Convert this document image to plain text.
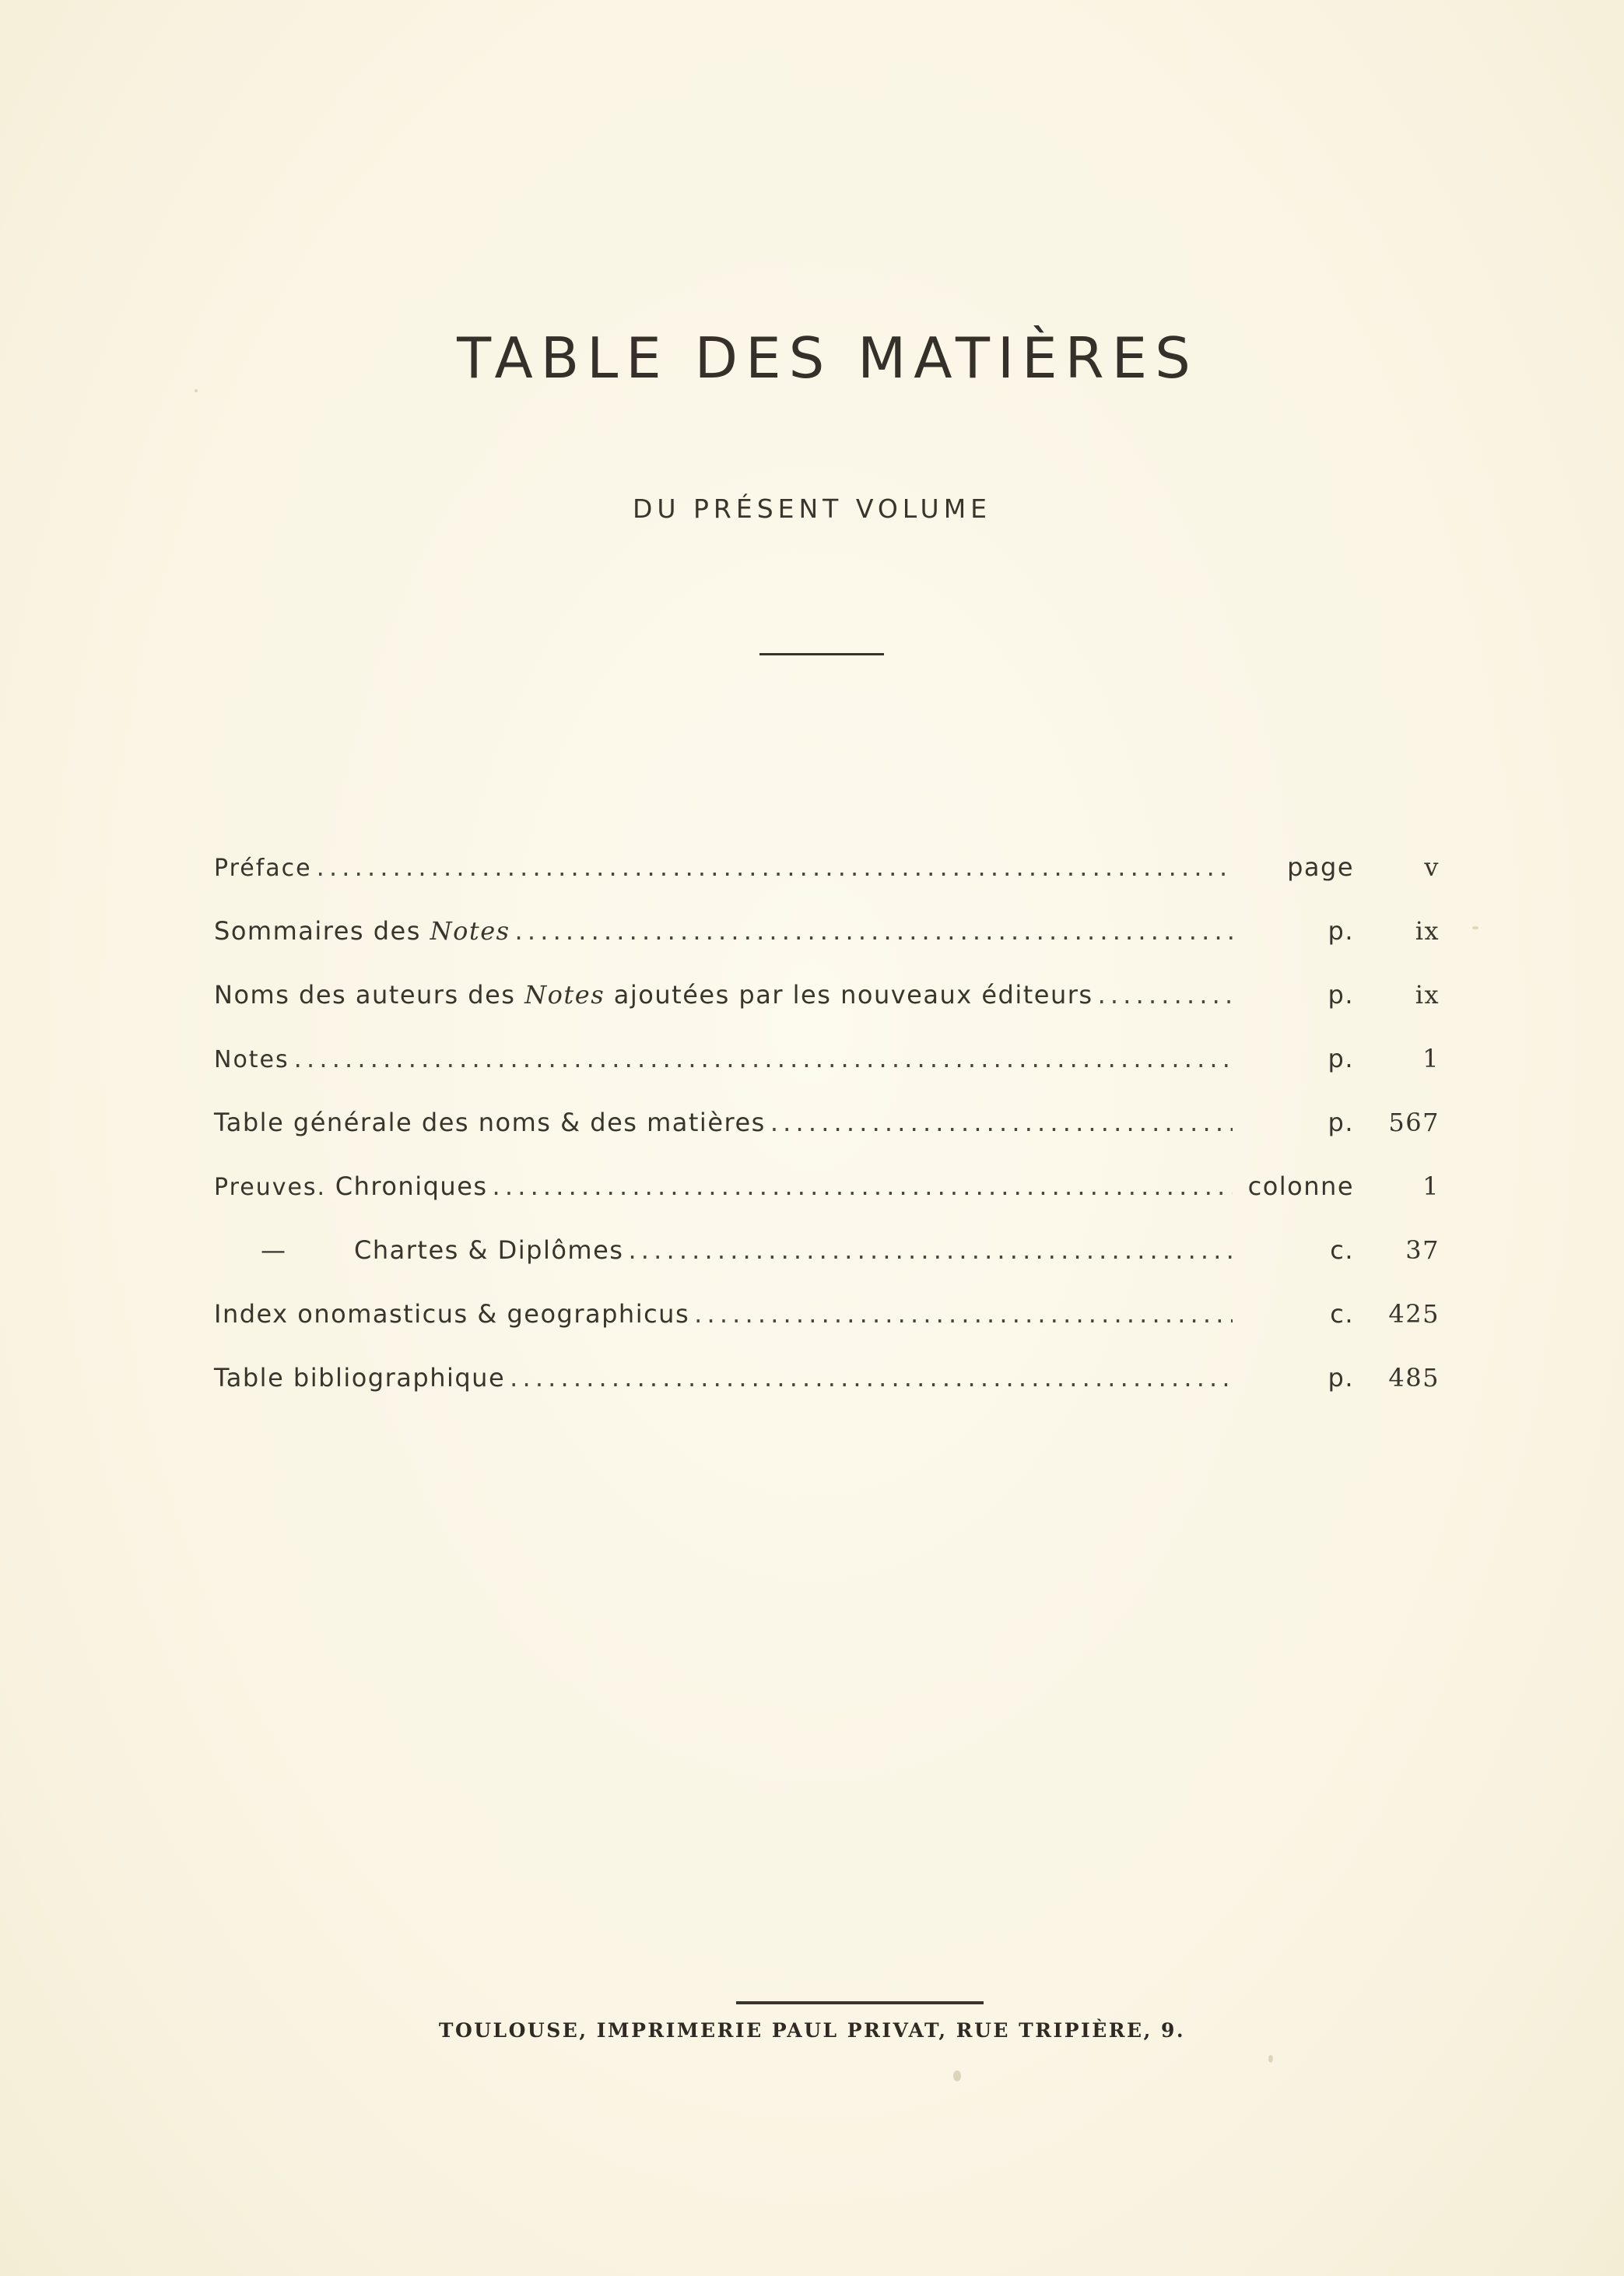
TABLE DES MATIÈRES
DU PRÉSENT VOLUME
Préface . . .	page	v
Sommaires des Notes . . .	p.	ix
Noms des auteurs des Notes ajoutées par les nouveaux éditeurs . . .	p.	ix
Notes . . .	p.	1
Table générale des noms & des matières . . .	p.	567
Preuves. Chroniques . . .	colonne	1
—	Chartes & Diplômes . . .	c.	37
Index onomasticus & geographicus . . .	c.	425
Table bibliographique . . .	p.	485
TOULOUSE, IMPRIMERIE PAUL PRIVAT, RUE TRIPIÈRE, 9.
